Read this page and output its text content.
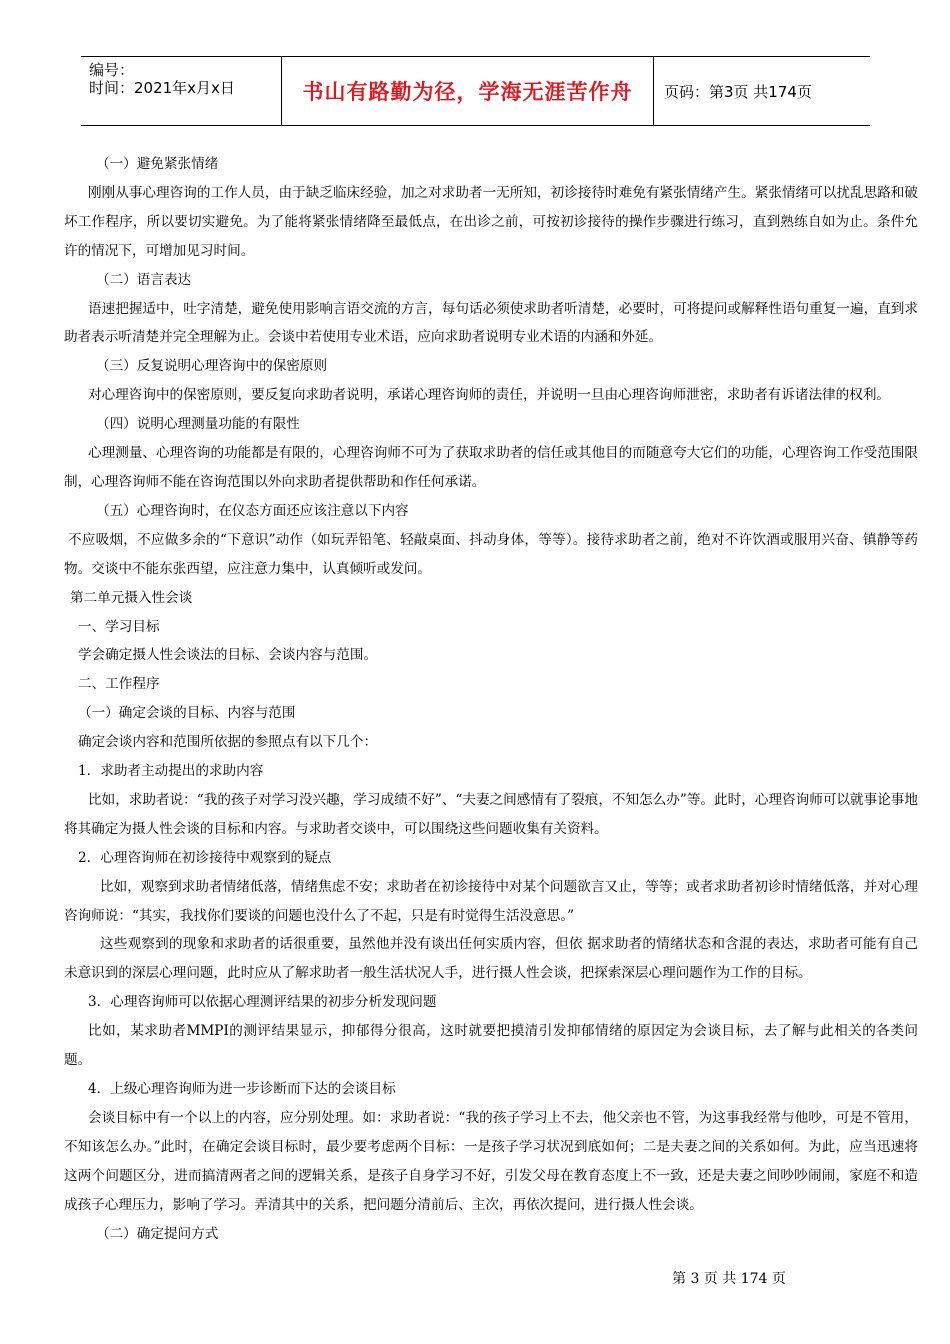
编号：
时间：2021年x月x日	书山有路勤为径，学海无涯苦作舟	页码：第3页 共174页

（一）避免紧张情绪

刚刚从事心理咨询的工作人员，由于缺乏临床经验，加之对求助者一无所知，初诊接待时难免有紧张情绪产生。紧张情绪可以扰乱思路和破坏工作程序，所以要切实避免。为了能将紧张情绪降至最低点，在出诊之前，可按初诊接待的操作步骤进行练习，直到熟练自如为止。条件允许的情况下，可增加见习时间。

（二）语言表达

语速把握适中，吐字清楚，避免使用影响言语交流的方言，每句话必须使求助者听清楚，必要时，可将提问或解释性语句重复一遍，直到求助者表示听清楚并完全理解为止。会谈中若使用专业术语，应向求助者说明专业术语的内涵和外延。

（三）反复说明心理咨询中的保密原则

对心理咨询中的保密原则，要反复向求助者说明，承诺心理咨询师的责任，并说明一旦由心理咨询师泄密，求助者有诉诸法律的权利。

（四）说明心理测量功能的有限性

心理测量、心理咨询的功能都是有限的，心理咨询师不可为了获取求助者的信任或其他目的而随意夸大它们的功能，心理咨询工作受范围限制，心理咨询师不能在咨询范围以外向求助者提供帮助和作任何承诺。

（五）心理咨询时，在仪态方面还应该注意以下内容

不应吸烟，不应做多余的“下意识”动作（如玩弄铅笔、轻敲桌面、抖动身体，等等）。接待求助者之前，绝对不许饮酒或服用兴奋、镇静等药物。交谈中不能东张西望，应注意力集中，认真倾听或发问。

第二单元摄入性会谈

一、学习目标

学会确定摄人性会谈法的目标、会谈内容与范围。

二、工作程序

（一）确定会谈的目标、内容与范围

确定会谈内容和范围所依据的参照点有以下几个：

1．求助者主动提出的求助内容

比如，求助者说：“我的孩子对学习没兴趣，学习成绩不好”、“夫妻之间感情有了裂痕，不知怎么办”等。此时，心理咨询师可以就事论事地将其确定为摄人性会谈的目标和内容。与求助者交谈中，可以围绕这些问题收集有关资料。

2．心理咨询师在初诊接待中观察到的疑点

比如，观察到求助者情绪低落，情绪焦虑不安；求助者在初诊接待中对某个问题欲言又止，等等；或者求助者初诊时情绪低落，并对心理咨询师说：“其实，我找你们要谈的问题也没什么了不起，只是有时觉得生活没意思。”

这些观察到的现象和求助者的话很重要，虽然他并没有谈出任何实质内容，但依 据求助者的情绪状态和含混的表达，求助者可能有自己未意识到的深层心理问题，此时应从了解求助者一般生活状况人手，进行摄人性会谈，把探索深层心理问题作为工作的目标。

3．心理咨询师可以依据心理测评结果的初步分析发现问题

比如，某求助者MMPI的测评结果显示，抑郁得分很高，这时就要把摸清引发抑郁情绪的原因定为会谈目标，去了解与此相关的各类问题。

4．上级心理咨询师为进一步诊断而下达的会谈目标

会谈目标中有一个以上的内容，应分别处理。如：求助者说：“我的孩子学习上不去，他父亲也不管，为这事我经常与他吵，可是不管用，不知该怎么办。”此时，在确定会谈目标时，最少要考虑两个目标：一是孩子学习状况到底如何；二是夫妻之间的关系如何。为此，应当迅速将这两个问题区分，进而搞清两者之间的逻辑关系，是孩子自身学习不好，引发父母在教育态度上不一致，还是夫妻之间吵吵闹闹，家庭不和造成孩子心理压力，影响了学习。弄清其中的关系，把问题分清前后、主次，再依次提问，进行摄人性会谈。

（二）确定提问方式

第 3 页 共 174 页
